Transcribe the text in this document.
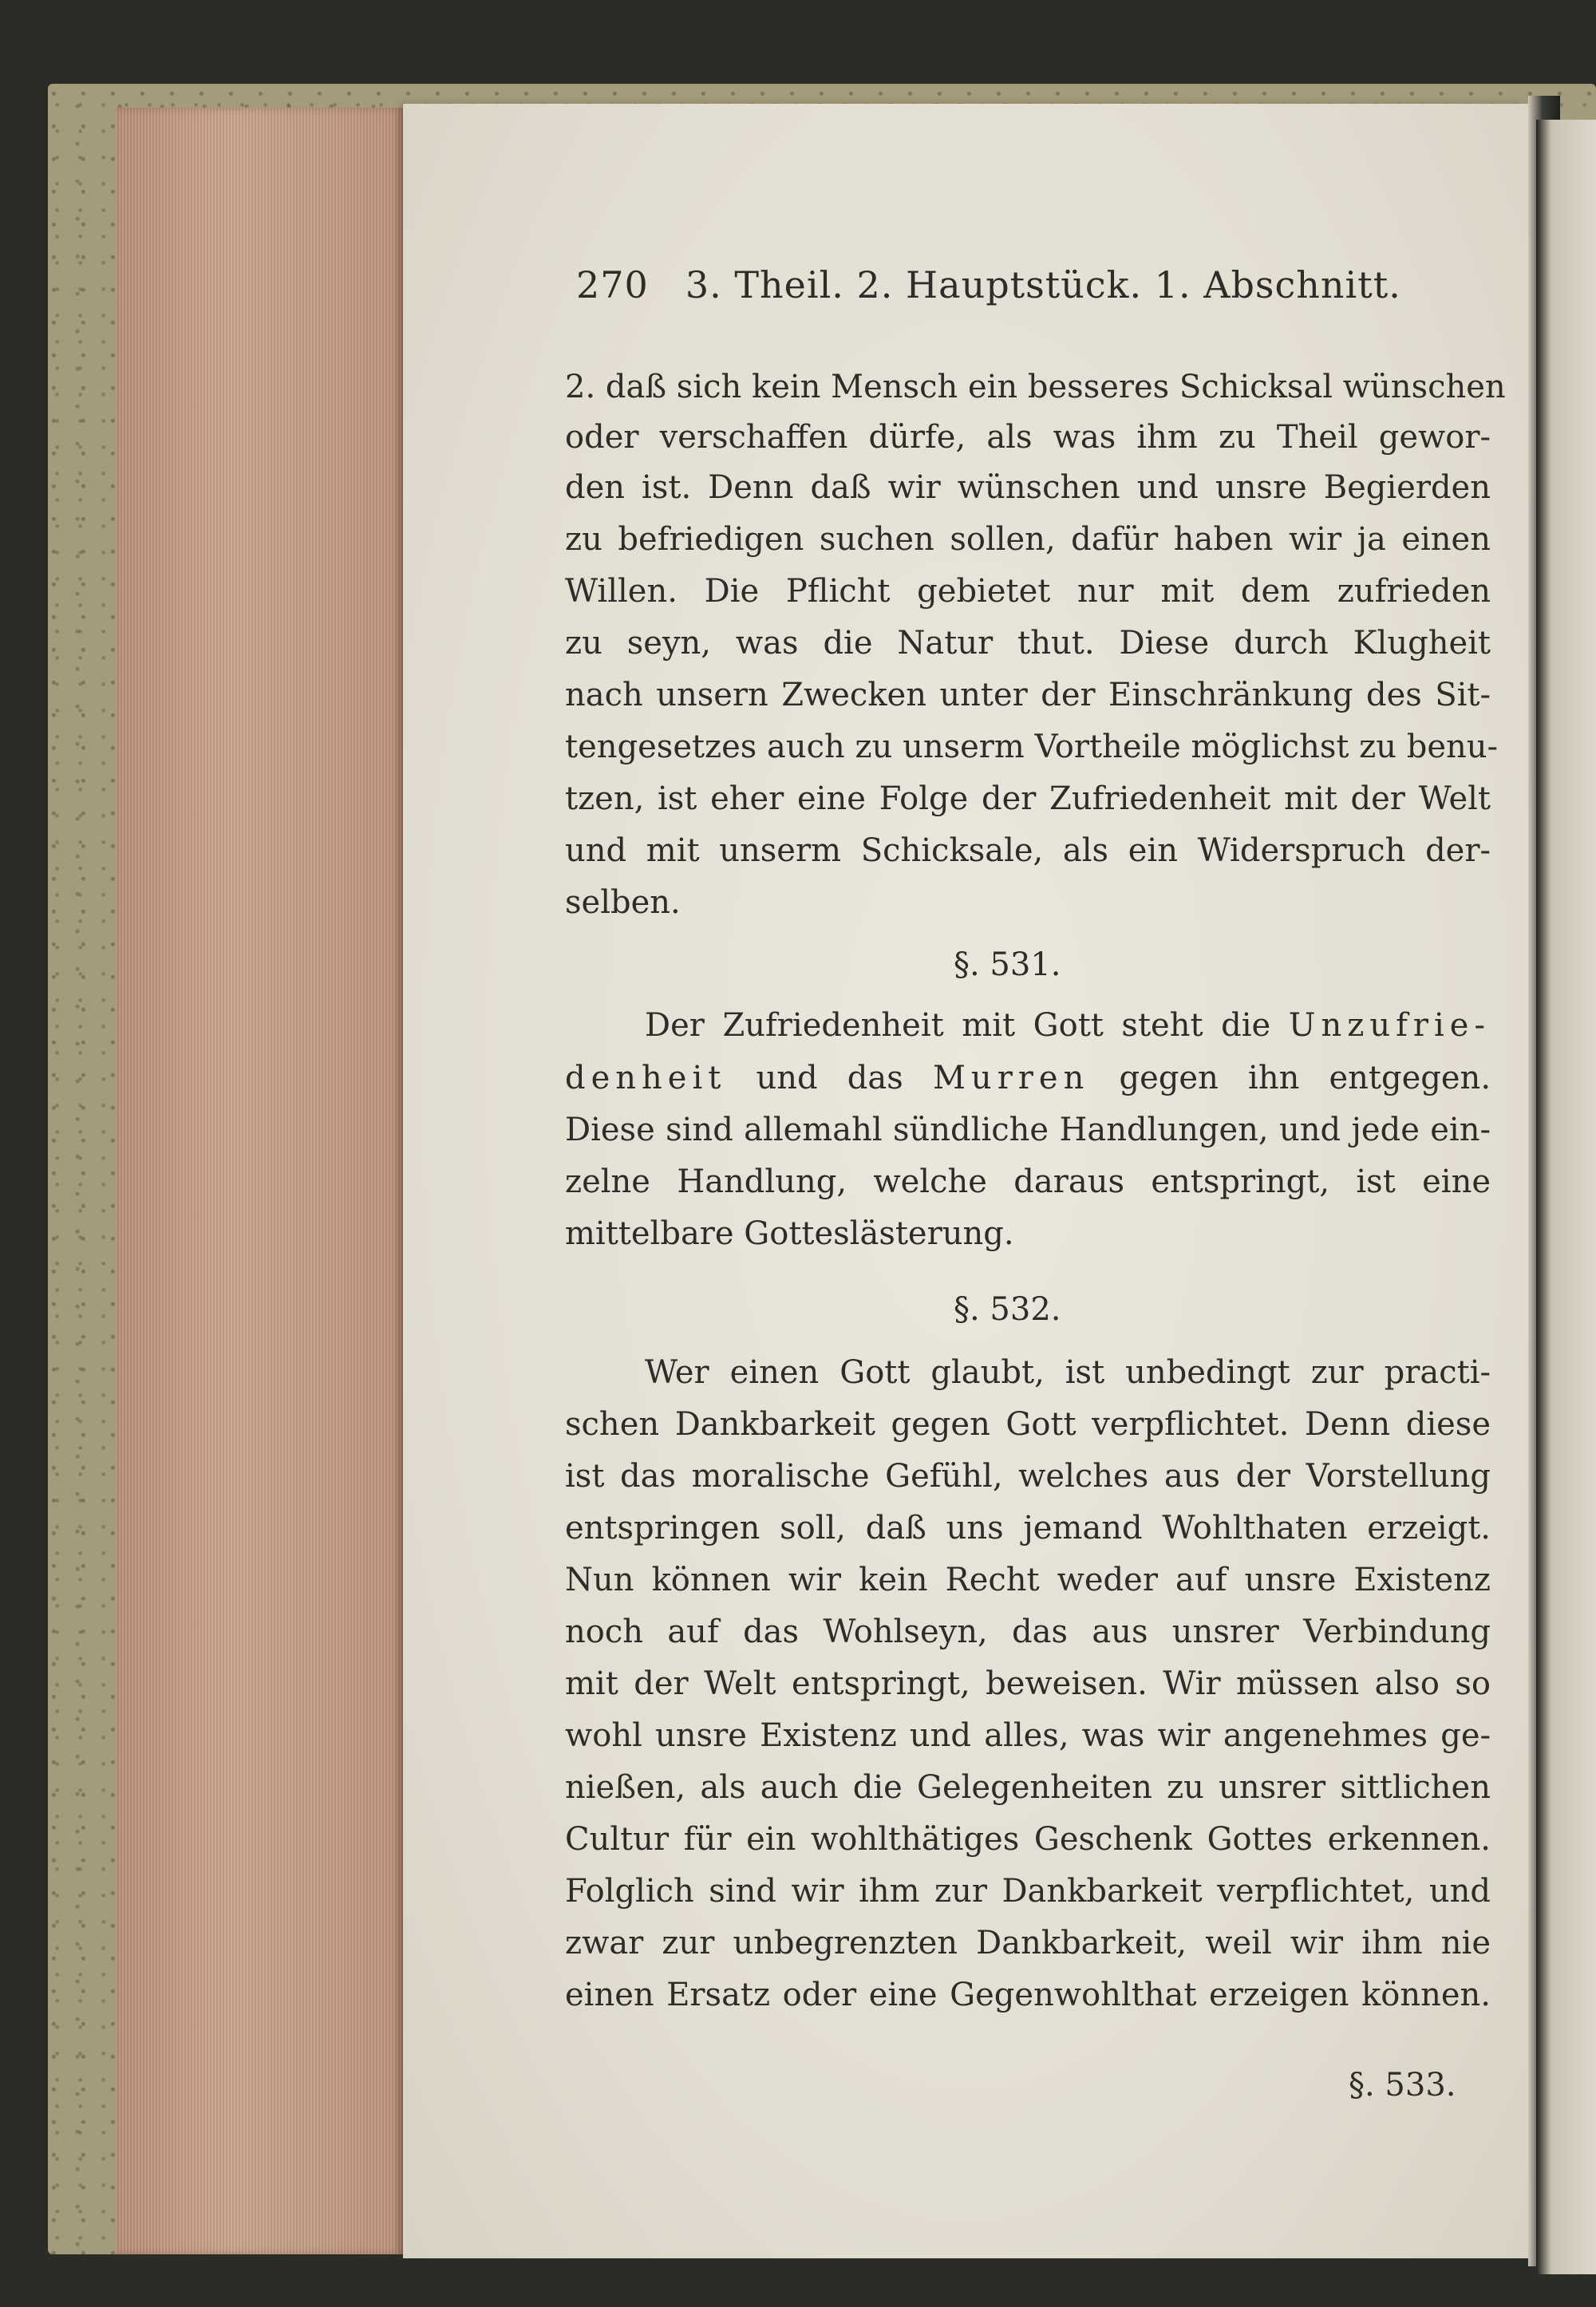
270 3. Theil. 2. Hauptstück. 1. Abschnitt.
2. daß sich kein Mensch ein besseres Schicksal wünschen
oder verschaffen dürfe, als was ihm zu Theil gewor-
den ist. Denn daß wir wünschen und unsre Begierden
zu befriedigen suchen sollen, dafür haben wir ja einen
Willen. Die Pflicht gebietet nur mit dem zufrieden
zu seyn, was die Natur thut. Diese durch Klugheit
nach unsern Zwecken unter der Einschränkung des Sit-
tengesetzes auch zu unserm Vortheile möglichst zu benu-
tzen, ist eher eine Folge der Zufriedenheit mit der Welt
und mit unserm Schicksale, als ein Widerspruch der-
selben.
§. 531.
Der Zufriedenheit mit Gott steht die Unzufrie-
denheit und das Murren gegen ihn entgegen.
Diese sind allemahl sündliche Handlungen, und jede ein-
zelne Handlung, welche daraus entspringt, ist eine
mittelbare Gotteslästerung.
§. 532.
Wer einen Gott glaubt, ist unbedingt zur practi-
schen Dankbarkeit gegen Gott verpflichtet. Denn diese
ist das moralische Gefühl, welches aus der Vorstellung
entspringen soll, daß uns jemand Wohlthaten erzeigt.
Nun können wir kein Recht weder auf unsre Existenz
noch auf das Wohlseyn, das aus unsrer Verbindung
mit der Welt entspringt, beweisen. Wir müssen also so
wohl unsre Existenz und alles, was wir angenehmes ge-
nießen, als auch die Gelegenheiten zu unsrer sittlichen
Cultur für ein wohlthätiges Geschenk Gottes erkennen.
Folglich sind wir ihm zur Dankbarkeit verpflichtet, und
zwar zur unbegrenzten Dankbarkeit, weil wir ihm nie
einen Ersatz oder eine Gegenwohlthat erzeigen können.
§. 533.
